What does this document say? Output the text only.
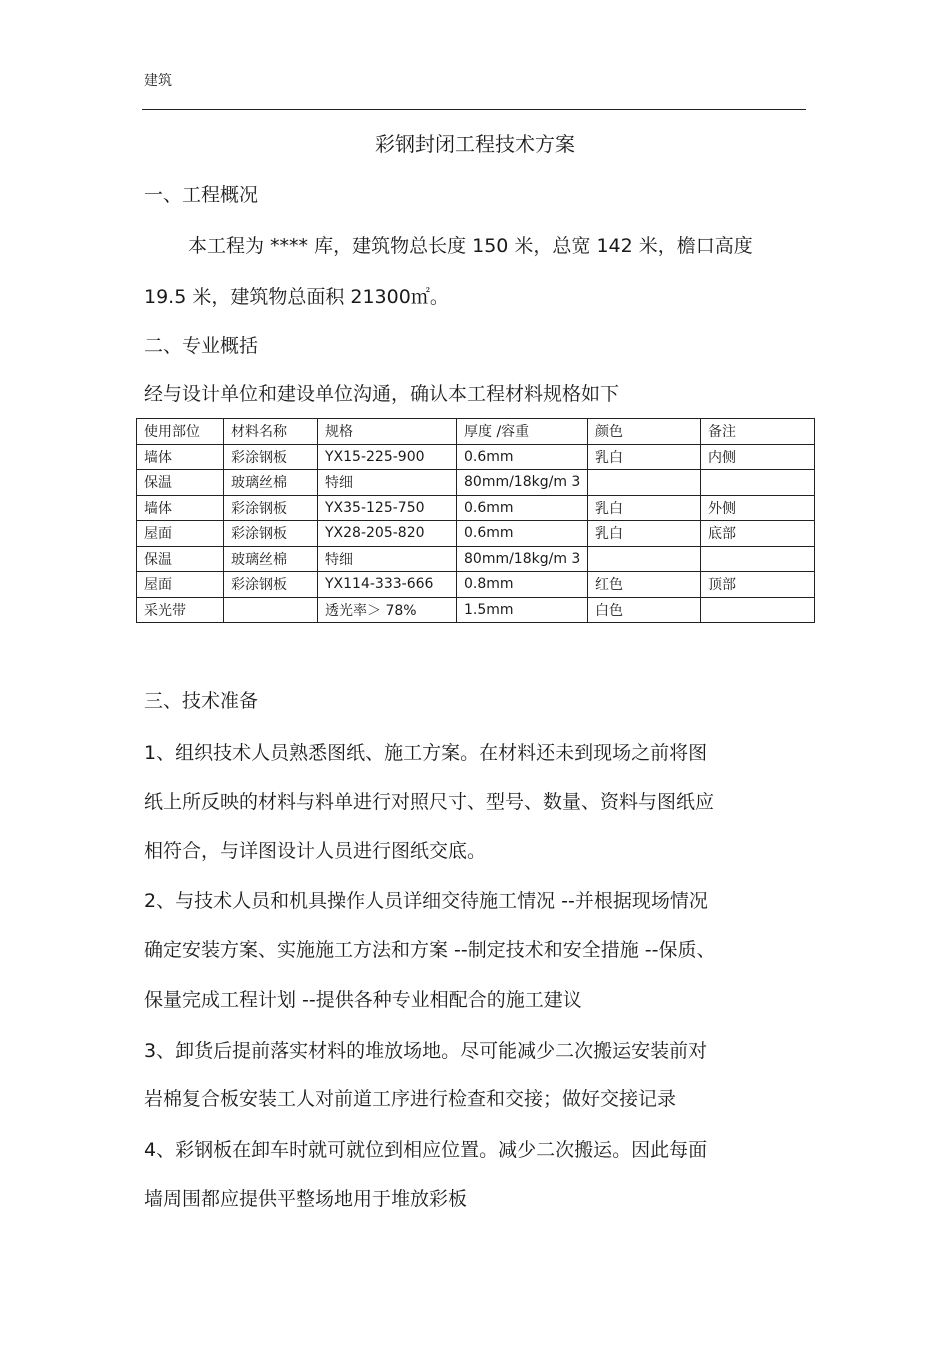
建筑
彩钢封闭工程技术方案
一、工程概况
本工程为 **** 库，建筑物总长度 150 米，总宽 142 米，檐口高度
19.5 米，建筑物总面积 21300㎡。
二、专业概括
经与设计单位和建设单位沟通，确认本工程材料规格如下
使用部位	材料名称	规格	厚度 /容重	颜色	备注
墙体	彩涂钢板	YX15-225-900	0.6mm	乳白	内侧
保温	玻璃丝棉	特细	80mm/18kg/m 3		
墙体	彩涂钢板	YX35-125-750	0.6mm	乳白	外侧
屋面	彩涂钢板	YX28-205-820	0.6mm	乳白	底部
保温	玻璃丝棉	特细	80mm/18kg/m 3		
屋面	彩涂钢板	YX114-333-666	0.8mm	红色	顶部
采光带		透光率＞ 78%	1.5mm	白色	
三、技术准备
1、组织技术人员熟悉图纸、施工方案。在材料还未到现场之前将图
纸上所反映的材料与料单进行对照尺寸、型号、数量、资料与图纸应
相符合，与详图设计人员进行图纸交底。
2、与技术人员和机具操作人员详细交待施工情况 --并根据现场情况
确定安装方案、实施施工方法和方案 --制定技术和安全措施 --保质、
保量完成工程计划 --提供各种专业相配合的施工建议
3、卸货后提前落实材料的堆放场地。尽可能减少二次搬运安装前对
岩棉复合板安装工人对前道工序进行检查和交接；做好交接记录
4、彩钢板在卸车时就可就位到相应位置。减少二次搬运。因此每面
墙周围都应提供平整场地用于堆放彩板
